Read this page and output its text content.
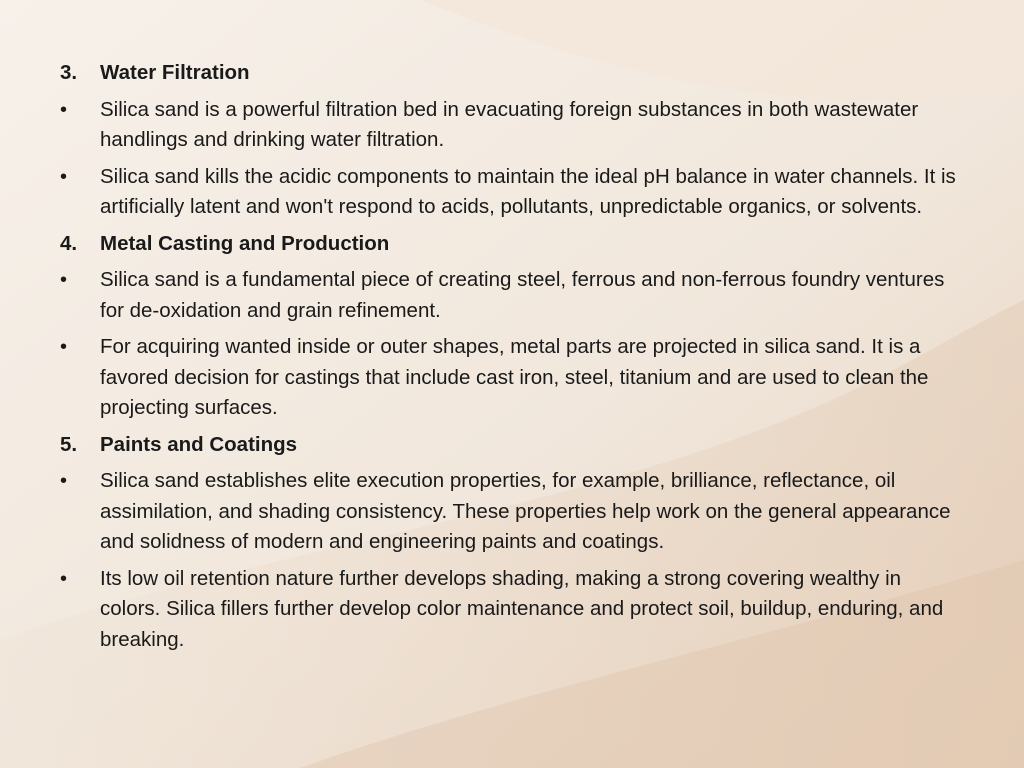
3.	Water Filtration
•	Silica sand is a powerful filtration bed in evacuating foreign substances in both wastewater handlings and drinking water filtration.
•	Silica sand kills the acidic components to maintain the ideal pH balance in water channels. It is artificially latent and won't respond to acids, pollutants, unpredictable organics, or solvents.
4.	Metal Casting and Production
•	Silica sand is a fundamental piece of creating steel, ferrous and non-ferrous foundry ventures for de-oxidation and grain refinement.
•	For acquiring wanted inside or outer shapes, metal parts are projected in silica sand. It is a favored decision for castings that include cast iron, steel, titanium and are used to clean the projecting surfaces.
5.	Paints and Coatings
•	Silica sand establishes elite execution properties, for example, brilliance, reflectance, oil assimilation, and shading consistency. These properties help work on the general appearance and solidness of modern and engineering paints and coatings.
•	Its low oil retention nature further develops shading, making a strong covering wealthy in colors. Silica fillers further develop color maintenance and protect soil, buildup, enduring, and breaking.
